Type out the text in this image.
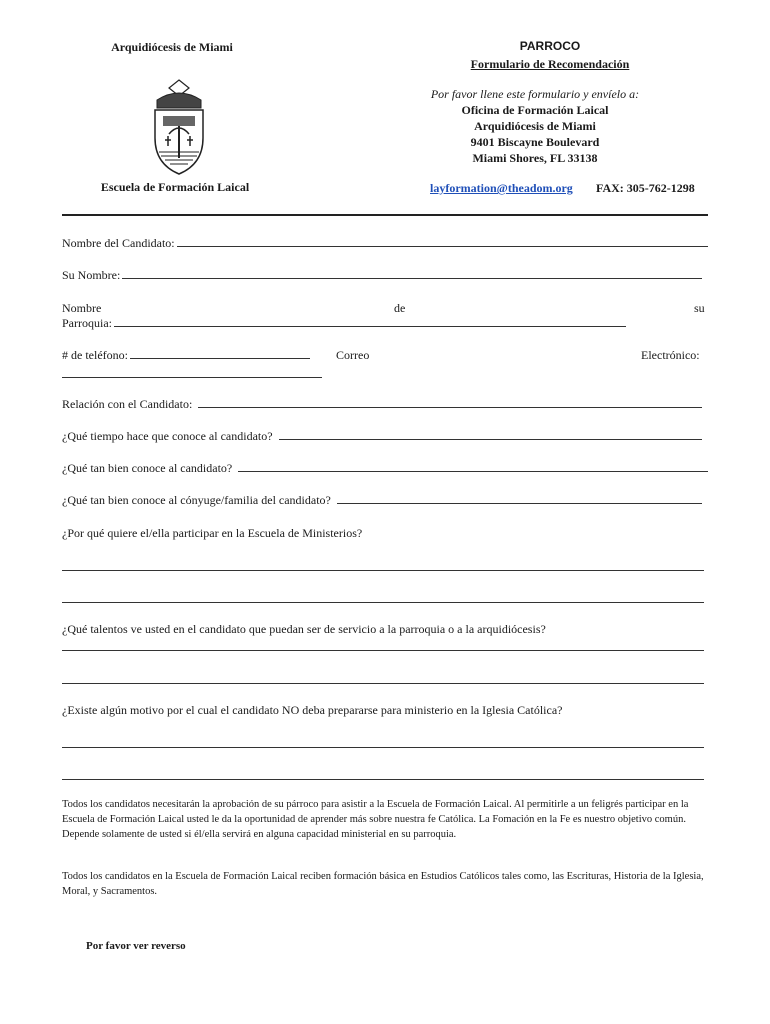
Arquidiócesis de Miami
Escuela de Formación Laical
PARROCO
Formulario de Recomendación
Por favor llene este formulario y envíelo a:
Oficina de Formación Laical
Arquidiócesis de Miami
9401 Biscayne Boulevard
Miami Shores, FL 33138
layformation@theadom.org FAX: 305-762-1298
Nombre del Candidato:
Su Nombre:
Nombre	de	su
Parroquia:
# de teléfono:	Correo	Electrónico:
Relación con el Candidato:
¿Qué tiempo hace que conoce al candidato?
¿Qué tan bien conoce al candidato?
¿Qué tan bien conoce al cónyuge/familia del candidato?
¿Por qué quiere el/ella participar en la Escuela de Ministerios?
¿Qué talentos ve usted en el candidato que puedan ser de servicio a la parroquia o a la arquidiócesis?
¿Existe algún motivo por el cual el candidato NO deba prepararse para ministerio en la Iglesia Católica?
Todos los candidatos necesitarán la aprobación de su párroco para asistir a la Escuela de Formación Laical. Al permitirle a un feligrés participar en la Escuela de Formación Laical usted le da la oportunidad de aprender más sobre nuestra fe Católica. La Fomación en la Fe es nuestro objetivo común. Depende solamente de usted si él/ella servirá en alguna capacidad ministerial en su parroquia.
Todos los candidatos en la Escuela de Formación Laical reciben formación básica en Estudios Católicos tales como, las Escrituras, Historia de la Iglesia, Moral, y Sacramentos.
Por favor ver reverso
